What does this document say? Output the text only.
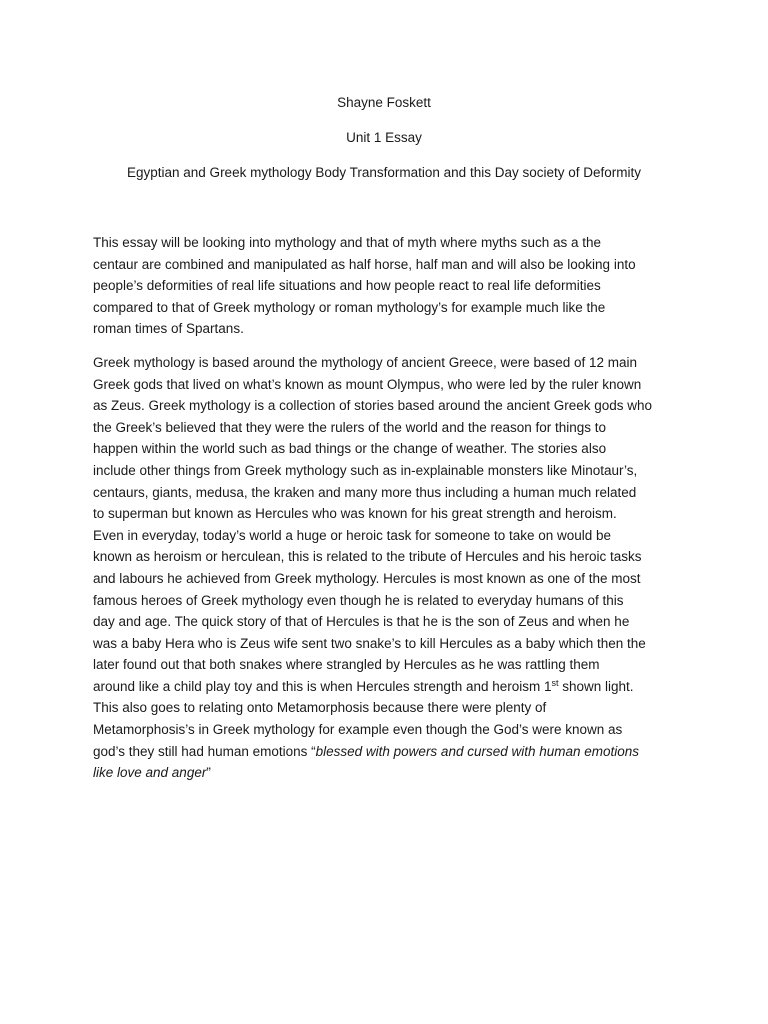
Shayne Foskett
Unit 1 Essay
Egyptian and Greek mythology Body Transformation and this Day society of Deformity

This essay will be looking into mythology and that of myth where myths such as a the
centaur are combined and manipulated as half horse, half man and will also be looking into
people’s deformities of real life situations and how people react to real life deformities
compared to that of Greek mythology or roman mythology’s for example much like the
roman times of Spartans.

Greek mythology is based around the mythology of ancient Greece, were based of 12 main
Greek gods that lived on what’s known as mount Olympus, who were led by the ruler known
as Zeus. Greek mythology is a collection of stories based around the ancient Greek gods who
the Greek’s believed that they were the rulers of the world and the reason for things to
happen within the world such as bad things or the change of weather. The stories also
include other things from Greek mythology such as in-explainable monsters like Minotaur’s,
centaurs, giants, medusa, the kraken and many more thus including a human much related
to superman but known as Hercules who was known for his great strength and heroism.
Even in everyday, today’s world a huge or heroic task for someone to take on would be
known as heroism or herculean, this is related to the tribute of Hercules and his heroic tasks
and labours he achieved from Greek mythology. Hercules is most known as one of the most
famous heroes of Greek mythology even though he is related to everyday humans of this
day and age. The quick story of that of Hercules is that he is the son of Zeus and when he
was a baby Hera who is Zeus wife sent two snake’s to kill Hercules as a baby which then the
later found out that both snakes where strangled by Hercules as he was rattling them
around like a child play toy and this is when Hercules strength and heroism 1st shown light.
This also goes to relating onto Metamorphosis because there were plenty of
Metamorphosis’s in Greek mythology for example even though the God’s were known as
god’s they still had human emotions “blessed with powers and cursed with human emotions
like love and anger”
